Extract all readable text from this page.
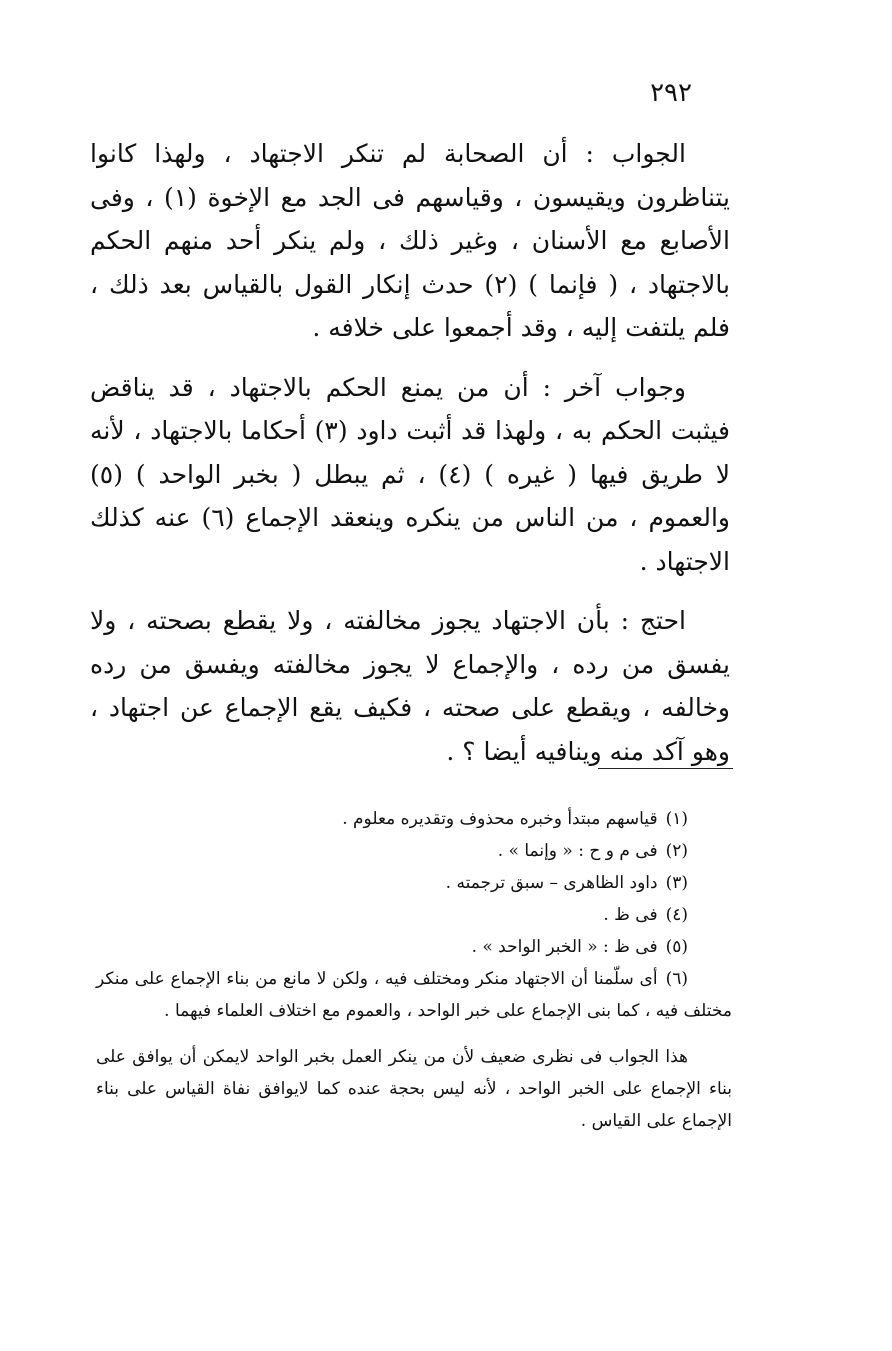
٢٩٢

الجواب : أن الصحابة لم تنكر الاجتهاد ، ولهذا كانوا يتناظرون ويقيسون ، وقياسهم فى الجد مع الإخوة (١) ، وفى الأصابع مع الأسنان ، وغير ذلك ، ولم ينكر أحد منهم الحكم بالاجتهاد ، ( فإنما ) (٢) حدث إنكار القول بالقياس بعد ذلك ، فلم يلتفت إليه ، وقد أجمعوا على خلافه .

وجواب آخر : أن من يمنع الحكم بالاجتهاد ، قد يناقض فيثبت الحكم به ، ولهذا قد أثبت داود (٣) أحكاما بالاجتهاد ، لأنه لا طريق فيها ( غيره ) (٤) ، ثم يبطل ( بخبر الواحد ) (٥) والعموم ، من الناس من ينكره وينعقد الإجماع (٦) عنه كذلك الاجتهاد .

احتج : بأن الاجتهاد يجوز مخالفته ، ولا يقطع بصحته ، ولا يفسق من رده ، والإجماع لا يجوز مخالفته ويفسق من رده وخالفه ، ويقطع على صحته ، فكيف يقع الإجماع عن اجتهاد ، وهو آكد منه وينافيه أيضا ؟ .

(١)قياسهم مبتدأ وخبره محذوف وتقديره معلوم .
(٢)فى م و ح : « وإنما » .
(٣)داود الظاهرى – سبق ترجمته .
(٤)فى ظ .
(٥)فى ظ : « الخبر الواحد » .
(٦)أى سلّمنا أن الاجتهاد منكر ومختلف فيه ، ولكن لا مانع من بناء الإجماع على منكر مختلف فيه ، كما بنى الإجماع على خبر الواحد ، والعموم مع اختلاف العلماء فيهما .

هذا الجواب فى نظرى ضعيف لأن من ينكر العمل بخبر الواحد لايمكن أن يوافق على بناء الإجماع على الخبر الواحد ، لأنه ليس بحجة عنده كما لايوافق نفاة القياس على بناء الإجماع على القياس .
